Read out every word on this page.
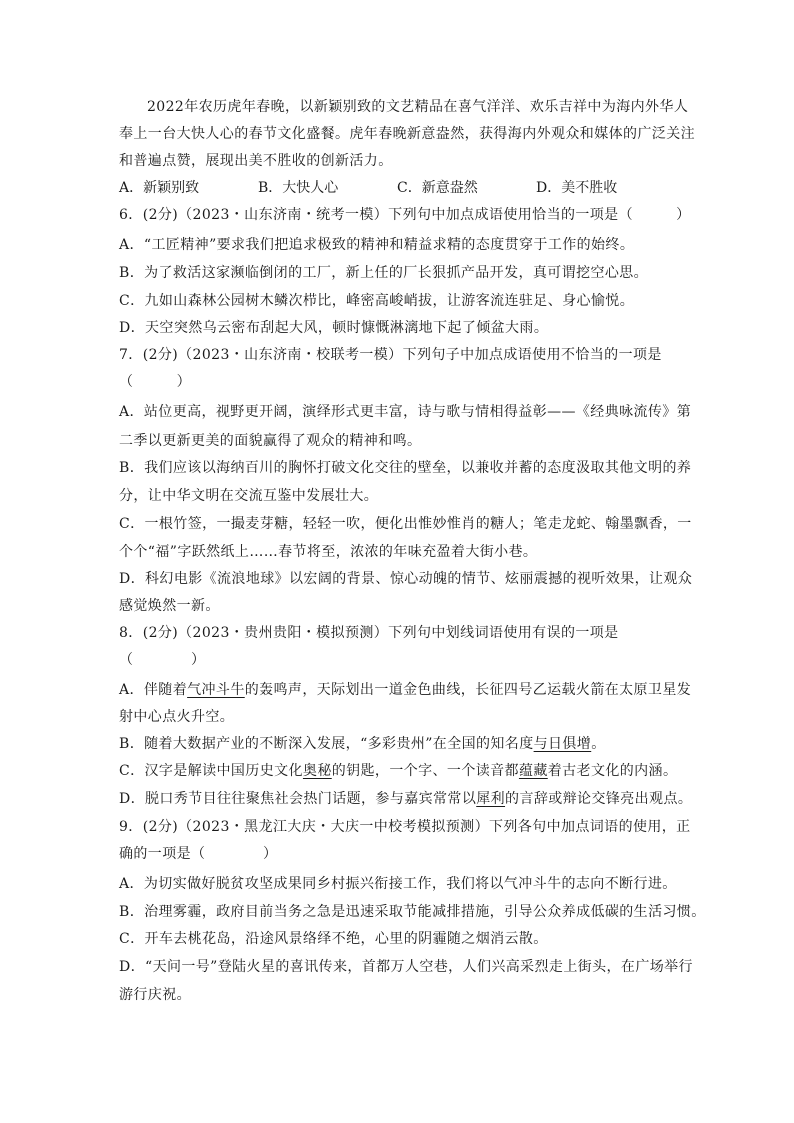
2022年农历虎年春晚，以新颖别致的文艺精品在喜气洋洋、欢乐吉祥中为海内外华人
奉上一台大快人心的春节文化盛餐。虎年春晚新意盎然，获得海内外观众和媒体的广泛关注
和普遍点赞，展现出美不胜收的创新活力。
A．新颖别致	B．大快人心	C．新意盎然	D．美不胜收
6．(2分)（2023・山东济南・统考一模）下列句中加点成语使用恰当的一项是（　　　）
A．“工匠精神”要求我们把追求极致的精神和精益求精的态度贯穿于工作的始终。
B．为了救活这家濒临倒闭的工厂，新上任的厂长狠抓产品开发，真可谓挖空心思。
C．九如山森林公园树木鳞次栉比，峰密高峻峭拔，让游客流连驻足、身心愉悦。
D．天空突然乌云密布刮起大风，顿时慷慨淋漓地下起了倾盆大雨。
7．(2分)（2023・山东济南・校联考一模）下列句子中加点成语使用不恰当的一项是
（　　　）
A．站位更高，视野更开阔，演绎形式更丰富，诗与歌与情相得益彰——《经典咏流传》第
二季以更新更美的面貌赢得了观众的精神和鸣。
B．我们应该以海纳百川的胸怀打破文化交往的壁垒，以兼收并蓄的态度汲取其他文明的养
分，让中华文明在交流互鉴中发展壮大。
C．一根竹签，一撮麦芽糖，轻轻一吹，便化出惟妙惟肖的糖人；笔走龙蛇、翰墨飘香，一
个个“福”字跃然纸上……春节将至，浓浓的年味充盈着大街小巷。
D．科幻电影《流浪地球》以宏阔的背景、惊心动魄的情节、炫丽震撼的视听效果，让观众
感觉焕然一新。
8．(2分)（2023・贵州贵阳・模拟预测）下列句中划线词语使用有误的一项是
（　　　　）
A．伴随着气冲斗牛的轰鸣声，天际划出一道金色曲线，长征四号乙运载火箭在太原卫星发
射中心点火升空。
B．随着大数据产业的不断深入发展，“多彩贵州”在全国的知名度与日俱增。
C．汉字是解读中国历史文化奥秘的钥匙，一个字、一个读音都蕴藏着古老文化的内涵。
D．脱口秀节目往往聚焦社会热门话题，参与嘉宾常常以犀利的言辞或辩论交锋亮出观点。
9．(2分)（2023・黑龙江大庆・大庆一中校考模拟预测）下列各句中加点词语的使用，正
确的一项是（　　　　）
A．为切实做好脱贫攻坚成果同乡村振兴衔接工作，我们将以气冲斗牛的志向不断行进。
B．治理雾霾，政府目前当务之急是迅速采取节能减排措施，引导公众养成低碳的生活习惯。
C．开车去桃花岛，沿途风景络绎不绝，心里的阴霾随之烟消云散。
D．“天问一号”登陆火星的喜讯传来，首都万人空巷，人们兴高采烈走上街头，在广场举行
游行庆祝。
